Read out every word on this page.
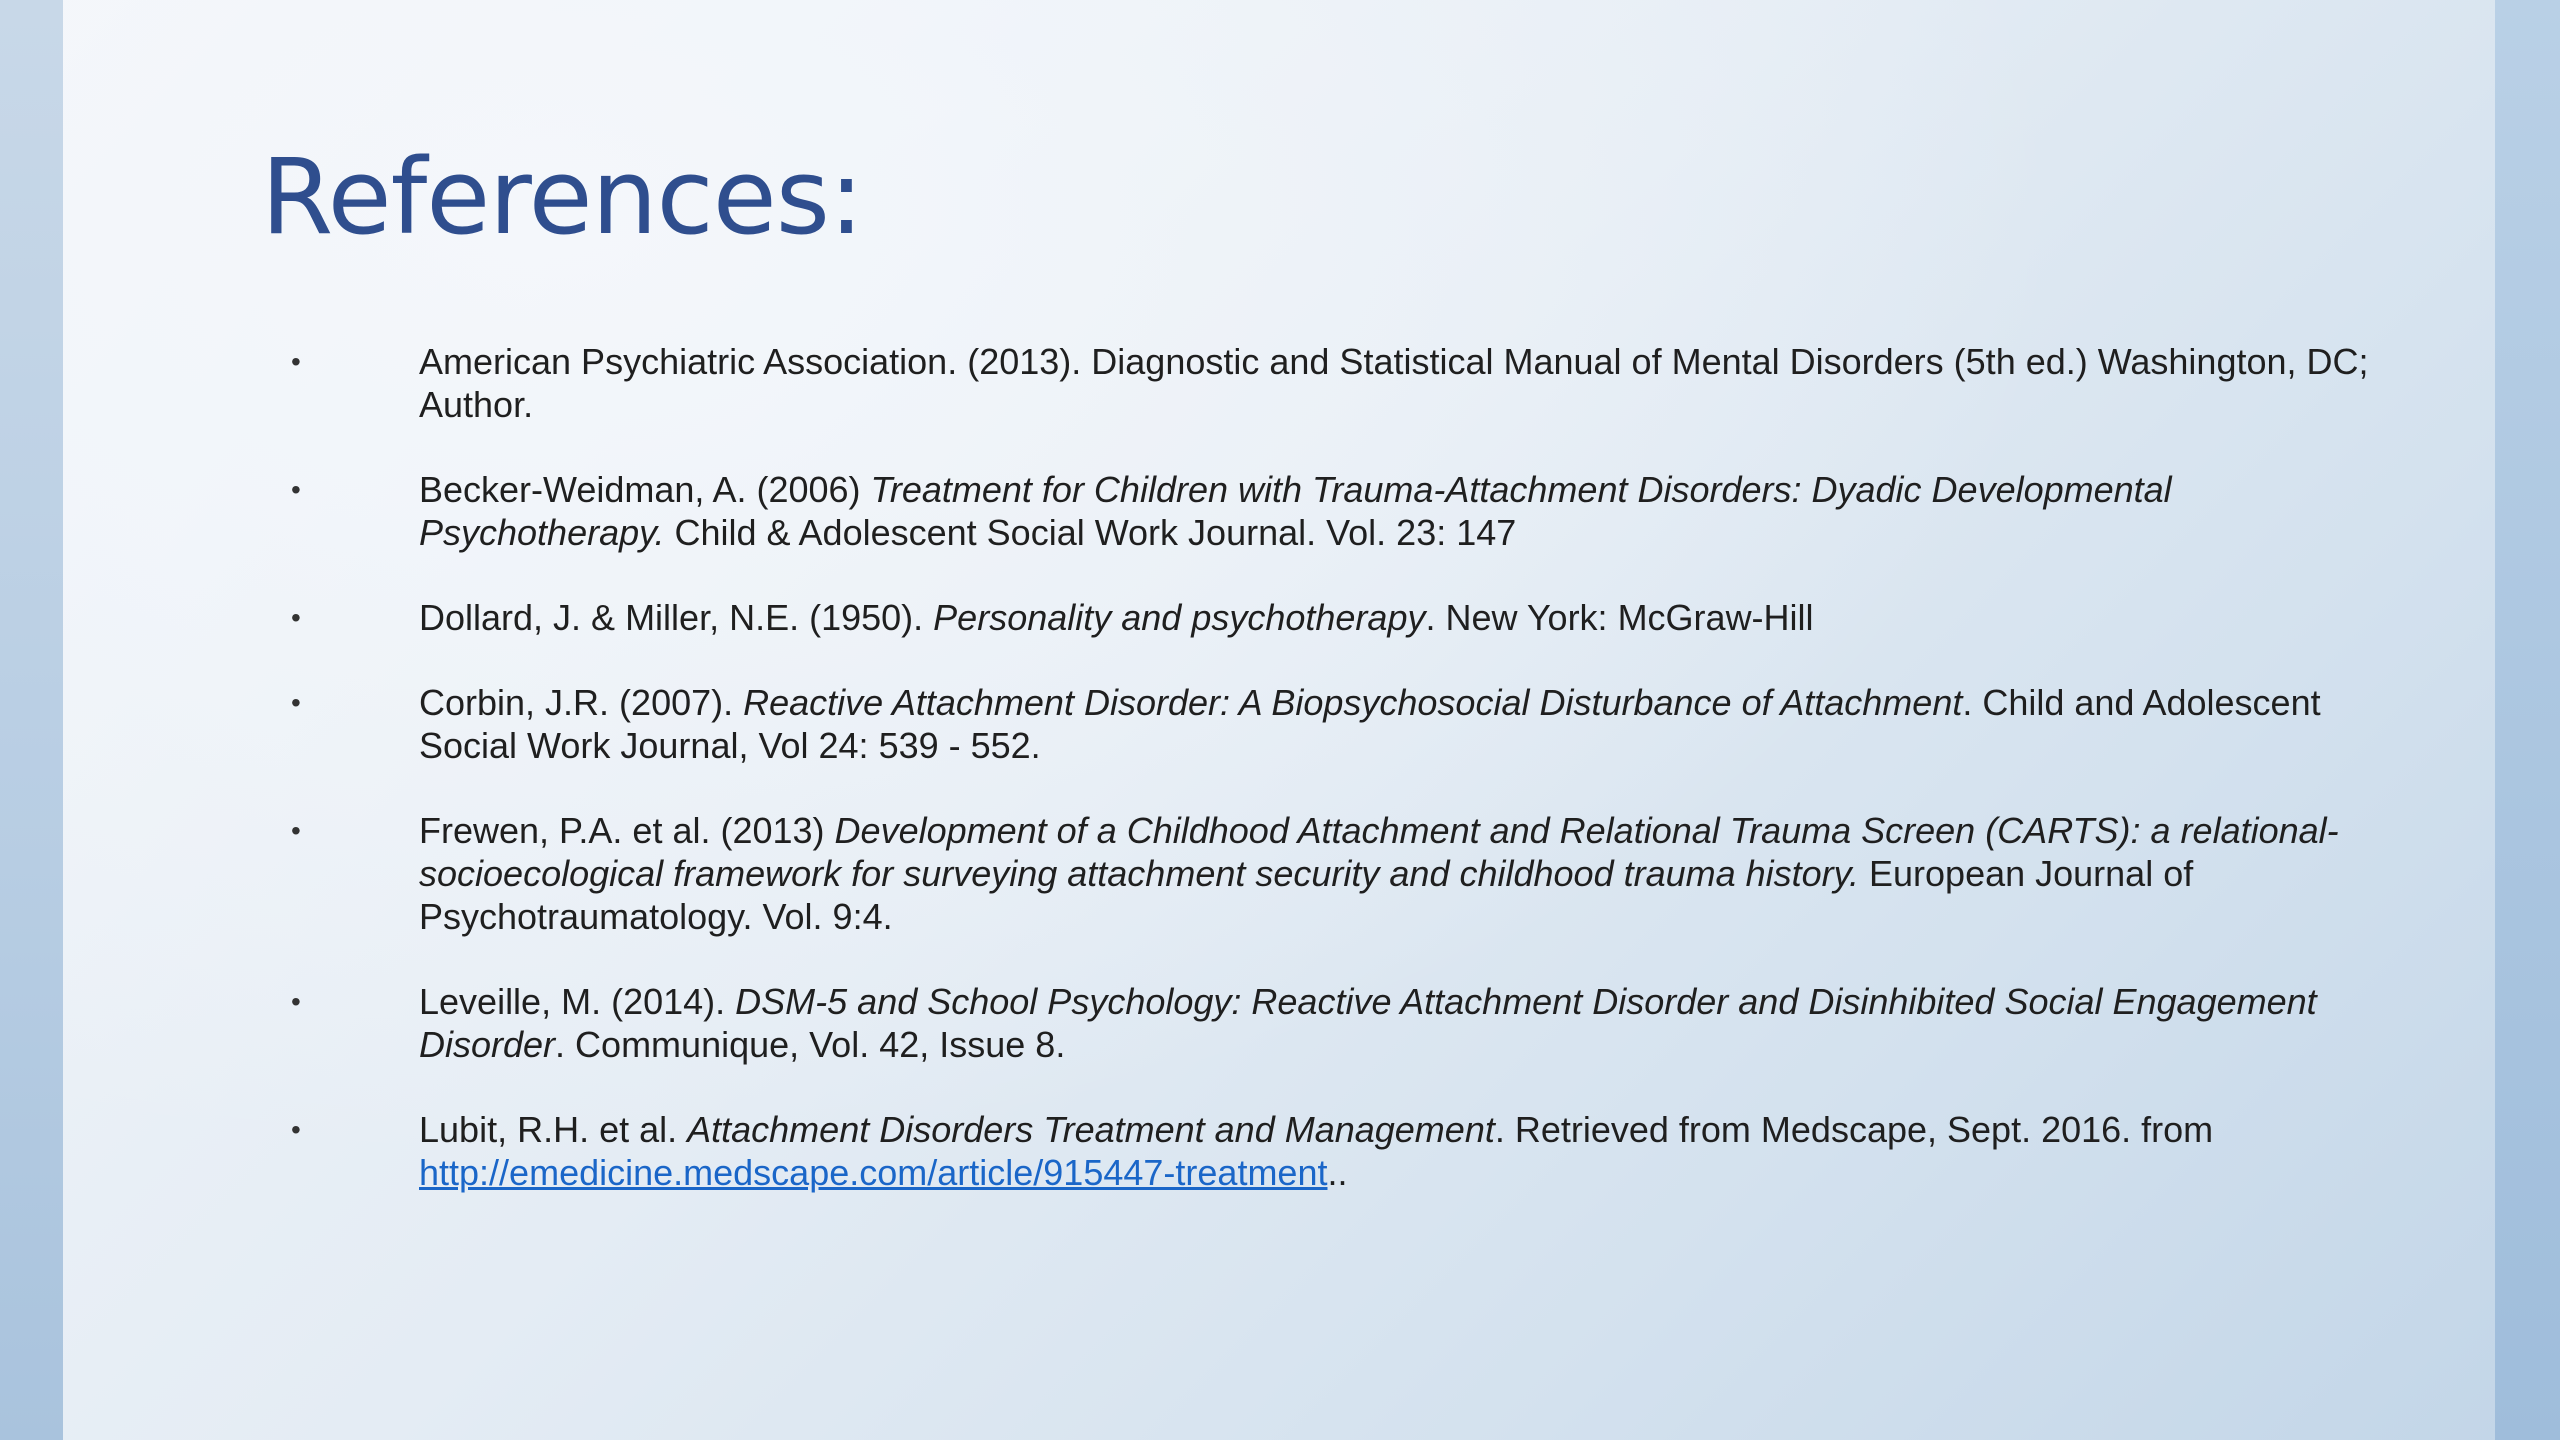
References:
•	American Psychiatric Association. (2013). Diagnostic and Statistical Manual of Mental Disorders (5th ed.) Washington, DC; Author.
•	Becker-Weidman, A. (2006) Treatment for Children with Trauma-Attachment Disorders: Dyadic Developmental Psychotherapy. Child & Adolescent Social Work Journal. Vol. 23: 147
•	Dollard, J. & Miller, N.E. (1950). Personality and psychotherapy. New York: McGraw-Hill
•	Corbin, J.R. (2007). Reactive Attachment Disorder: A Biopsychosocial Disturbance of Attachment. Child and Adolescent Social Work Journal, Vol 24: 539 - 552.
•	Frewen, P.A. et al. (2013) Development of a Childhood Attachment and Relational Trauma Screen (CARTS): a relational-socioecological framework for surveying attachment security and childhood trauma history. European Journal of Psychotraumatology. Vol. 9:4.
•	Leveille, M. (2014). DSM-5 and School Psychology: Reactive Attachment Disorder and Disinhibited Social Engagement Disorder. Communique, Vol. 42, Issue 8.
•	Lubit, R.H. et al. Attachment Disorders Treatment and Management. Retrieved from Medscape, Sept. 2016. from http://emedicine.medscape.com/article/915447-treatment..
